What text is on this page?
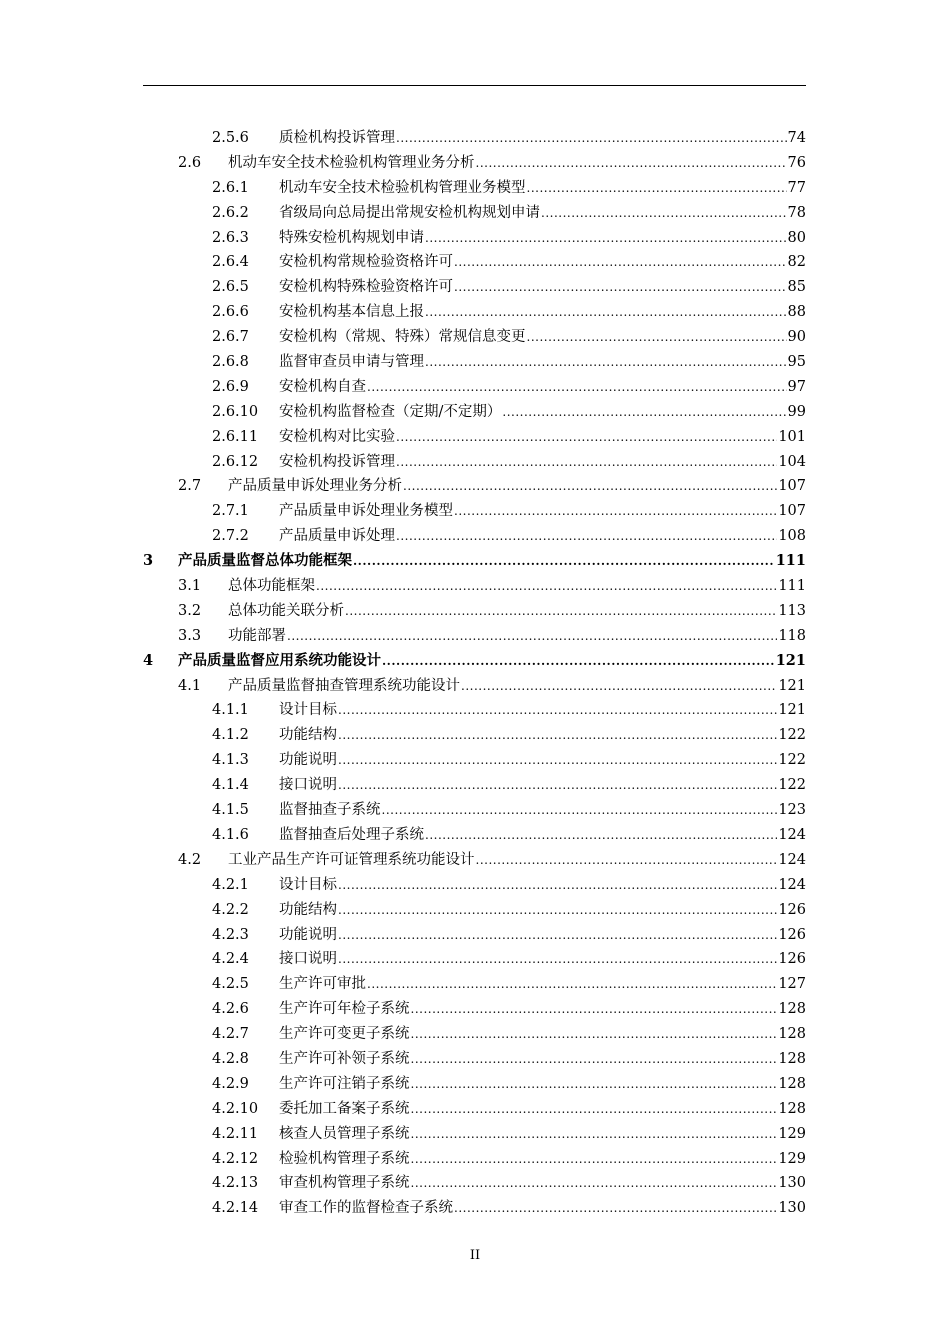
2.5.6 质检机构投诉管理 .....	74
2.6 机动车安全技术检验机构管理业务分析 .....	76
2.6.1 机动车安全技术检验机构管理业务模型 .....	77
2.6.2 省级局向总局提出常规安检机构规划申请 .....	78
2.6.3 特殊安检机构规划申请 .....	80
2.6.4 安检机构常规检验资格许可 .....	82
2.6.5 安检机构特殊检验资格许可 .....	85
2.6.6 安检机构基本信息上报 .....	88
2.6.7 安检机构（常规、特殊）常规信息变更 .....	90
2.6.8 监督审查员申请与管理 .....	95
2.6.9 安检机构自查 .....	97
2.6.10 安检机构监督检查（定期/不定期） .....	99
2.6.11 安检机构对比实验 .....	101
2.6.12 安检机构投诉管理 .....	104
2.7 产品质量申诉处理业务分析 .....	107
2.7.1 产品质量申诉处理业务模型 .....	107
2.7.2 产品质量申诉处理 .....	108
3 产品质量监督总体功能框架 .....	111
3.1 总体功能框架 .....	111
3.2 总体功能关联分析 .....	113
3.3 功能部署 .....	118
4 产品质量监督应用系统功能设计 .....	121
4.1 产品质量监督抽查管理系统功能设计 .....	121
4.1.1 设计目标 .....	121
4.1.2 功能结构 .....	122
4.1.3 功能说明 .....	122
4.1.4 接口说明 .....	122
4.1.5 监督抽查子系统 .....	123
4.1.6 监督抽查后处理子系统 .....	124
4.2 工业产品生产许可证管理系统功能设计 .....	124
4.2.1 设计目标 .....	124
4.2.2 功能结构 .....	126
4.2.3 功能说明 .....	126
4.2.4 接口说明 .....	126
4.2.5 生产许可审批 .....	127
4.2.6 生产许可年检子系统 .....	128
4.2.7 生产许可变更子系统 .....	128
4.2.8 生产许可补领子系统 .....	128
4.2.9 生产许可注销子系统 .....	128
4.2.10 委托加工备案子系统 .....	128
4.2.11 核查人员管理子系统 .....	129
4.2.12 检验机构管理子系统 .....	129
4.2.13 审查机构管理子系统 .....	130
4.2.14 审查工作的监督检查子系统 .....	130
II
